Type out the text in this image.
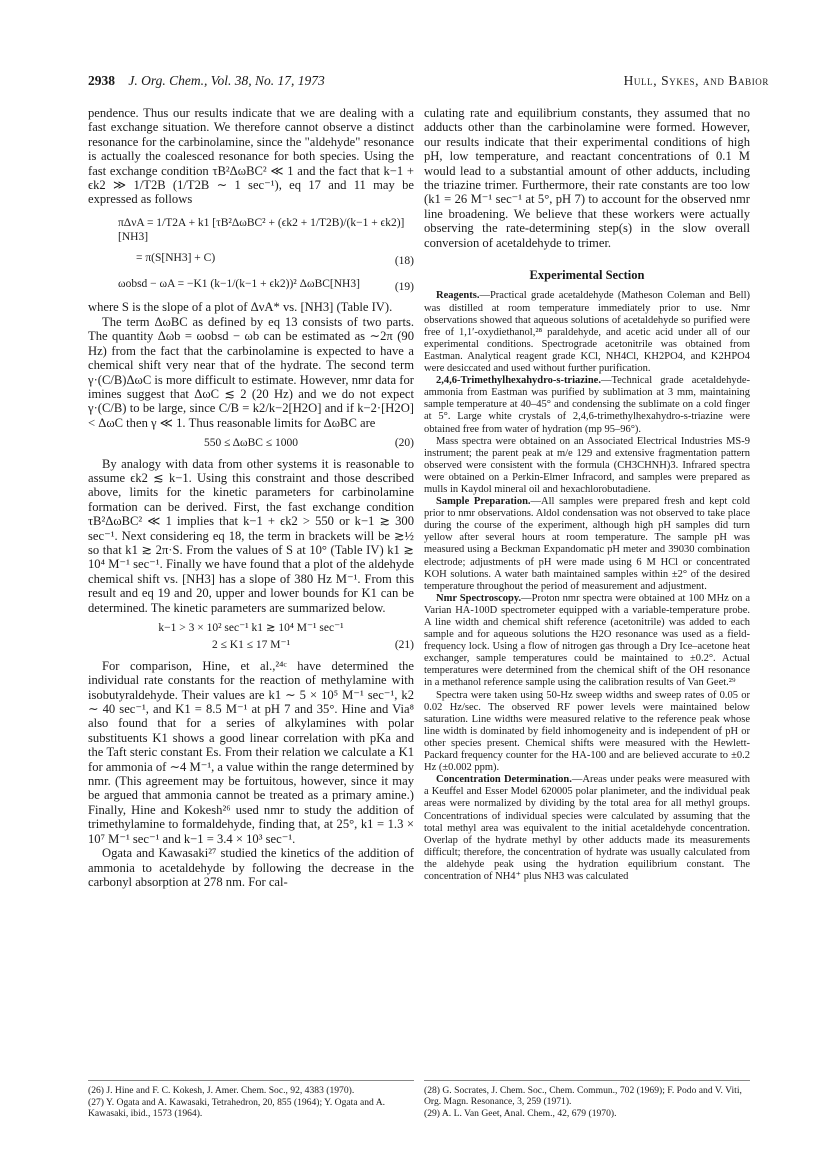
2938 J. Org. Chem., Vol. 38, No. 17, 1973	Hull, Sykes, and Babior

pendence. Thus our results indicate that we are dealing with a fast exchange situation. We therefore cannot observe a distinct resonance for the carbinolamine, since the "aldehyde" resonance is actually the coalesced resonance for both species. Using the fast exchange condition τB²ΔωBC² ≪ 1 and the fact that k−1 + ϵk2 ≫ 1/T2B (1/T2B ∼ 1 sec⁻¹), eq 17 and 11 may be expressed as follows

πΔνA = 1/T2A + k1 [τB²ΔωBC² + (ϵk2 + 1/T2B)/(k−1 + ϵk2)] [NH3] = π(S[NH3] + C)	(18)
ωobsd − ωA = −K1 (k−1/(k−1 + ϵk2))² ΔωBC[NH3]	(19)

where S is the slope of a plot of ΔνA* vs. [NH3] (Table IV).

The term ΔωBC as defined by eq 13 consists of two parts. The quantity Δωb = ωobsd − ωb can be estimated as ∼2π (90 Hz) from the fact that the carbinolamine is expected to have a chemical shift very near that of the hydrate. The second term γ·(C/B)ΔωC is more difficult to estimate. However, nmr data for imines suggest that ΔωC ≲ 2 (20 Hz) and we do not expect γ·(C/B) to be large, since C/B = k2/k−2[H2O] and if k−2·[H2O] < ΔωC then γ ≪ 1. Thus reasonable limits for ΔωBC are

550 ≤ ΔωBC ≤ 1000	(20)

By analogy with data from other systems it is reasonable to assume ϵk2 ≲ k−1. Using this constraint and those described above, limits for the kinetic parameters for carbinolamine formation can be derived. First, the fast exchange condition τB²ΔωBC² ≪ 1 implies that k−1 + ϵk2 > 550 or k−1 ≳ 300 sec⁻¹. Next considering eq 18, the term in brackets will be ≳½ so that k1 ≳ 2π·S. From the values of S at 10° (Table IV) k1 ≳ 10⁴ M⁻¹ sec⁻¹. Finally we have found that a plot of the aldehyde chemical shift vs. [NH3] has a slope of 380 Hz M⁻¹. From this result and eq 19 and 20, upper and lower bounds for K1 can be determined. The kinetic parameters are summarized below.

k−1 > 3 × 10² sec⁻¹ k1 ≳ 10⁴ M⁻¹ sec⁻¹
2 ≤ K1 ≤ 17 M⁻¹	(21)

For comparison, Hine, et al.,²⁴ᶜ have determined the individual rate constants for the reaction of methylamine with isobutyraldehyde. Their values are k1 ∼ 5 × 10⁵ M⁻¹ sec⁻¹, k2 ∼ 40 sec⁻¹, and K1 = 8.5 M⁻¹ at pH 7 and 35°. Hine and Via⁸ also found that for a series of alkylamines with polar substituents K1 shows a good linear correlation with pKa and the Taft steric constant Es. From their relation we calculate a K1 for ammonia of ∼4 M⁻¹, a value within the range determined by nmr. (This agreement may be fortuitous, however, since it may be argued that ammonia cannot be treated as a primary amine.) Finally, Hine and Kokesh²⁶ used nmr to study the addition of trimethylamine to formaldehyde, finding that, at 25°, k1 = 1.3 × 10⁷ M⁻¹ sec⁻¹ and k−1 = 3.4 × 10³ sec⁻¹.

Ogata and Kawasaki²⁷ studied the kinetics of the addition of ammonia to acetaldehyde by following the decrease in the carbonyl absorption at 278 nm. For cal-

culating rate and equilibrium constants, they assumed that no adducts other than the carbinolamine were formed. However, our results indicate that their experimental conditions of high pH, low temperature, and reactant concentrations of 0.1 M would lead to a substantial amount of other adducts, including the triazine trimer. Furthermore, their rate constants are too low (k1 = 26 M⁻¹ sec⁻¹ at 5°, pH 7) to account for the observed nmr line broadening. We believe that these workers were actually observing the rate-determining step(s) in the slow overall conversion of acetaldehyde to trimer.

Experimental Section

Reagents.—Practical grade acetaldehyde (Matheson Coleman and Bell) was distilled at room temperature immediately prior to use. Nmr observations showed that aqueous solutions of acetaldehyde so purified were free of 1,1′-oxydiethanol,²⁸ paraldehyde, and acetic acid under all of our experimental conditions. Spectrograde acetonitrile was obtained from Eastman. Analytical reagent grade KCl, NH4Cl, KH2PO4, and K2HPO4 were desiccated and used without further purification.

2,4,6-Trimethylhexahydro-s-triazine.—Technical grade acetaldehyde-ammonia from Eastman was purified by sublimation at 3 mm, maintaining sample temperature at 40–45° and condensing the sublimate on a cold finger at 5°. Large white crystals of 2,4,6-trimethylhexahydro-s-triazine were obtained free from water of hydration (mp 95–96°).

Mass spectra were obtained on an Associated Electrical Industries MS-9 instrument; the parent peak at m/e 129 and extensive fragmentation pattern observed were consistent with the formula (CH3CHNH)3. Infrared spectra were obtained on a Perkin-Elmer Infracord, and samples were prepared as mulls in Kaydol mineral oil and hexachlorobutadiene.

Sample Preparation.—All samples were prepared fresh and kept cold prior to nmr observations. Aldol condensation was not observed to take place during the course of the experiment, although high pH samples did turn yellow after several hours at room temperature. The sample pH was measured using a Beckman Expandomatic pH meter and 39030 combination electrode; adjustments of pH were made using 6 M HCl or concentrated KOH solutions. A water bath maintained samples within ±2° of the desired temperature throughout the period of measurement and adjustment.

Nmr Spectroscopy.—Proton nmr spectra were obtained at 100 MHz on a Varian HA-100D spectrometer equipped with a variable-temperature probe. A line width and chemical shift reference (acetonitrile) was added to each sample and for aqueous solutions the H2O resonance was used as a field-frequency lock. Using a flow of nitrogen gas through a Dry Ice–acetone heat exchanger, sample temperatures could be maintained to ±0.2°. Actual temperatures were determined from the chemical shift of the OH resonance in a methanol reference sample using the calibration results of Van Geet.²⁹

Spectra were taken using 50-Hz sweep widths and sweep rates of 0.05 or 0.02 Hz/sec. The observed RF power levels were maintained below saturation. Line widths were measured relative to the reference peak whose line width is dominated by field inhomogeneity and is independent of pH or other species present. Chemical shifts were measured with the Hewlett-Packard frequency counter for the HA-100 and are believed accurate to ±0.2 Hz (±0.002 ppm).

Concentration Determination.—Areas under peaks were measured with a Keuffel and Esser Model 620005 polar planimeter, and the individual peak areas were normalized by dividing by the total area for all methyl groups. Concentrations of individual species were calculated by assuming that the total methyl area was equivalent to the initial acetaldehyde concentration. Overlap of the hydrate methyl by other adducts made its measurements difficult; therefore, the concentration of hydrate was usually calculated from the aldehyde peak using the hydration equilibrium constant. The concentration of NH4⁺ plus NH3 was calculated

(26) J. Hine and F. C. Kokesh, J. Amer. Chem. Soc., 92, 4383 (1970).
(27) Y. Ogata and A. Kawasaki, Tetrahedron, 20, 855 (1964); Y. Ogata and A. Kawasaki, ibid., 1573 (1964).
(28) G. Socrates, J. Chem. Soc., Chem. Commun., 702 (1969); F. Podo and V. Viti, Org. Magn. Resonance, 3, 259 (1971).
(29) A. L. Van Geet, Anal. Chem., 42, 679 (1970).
